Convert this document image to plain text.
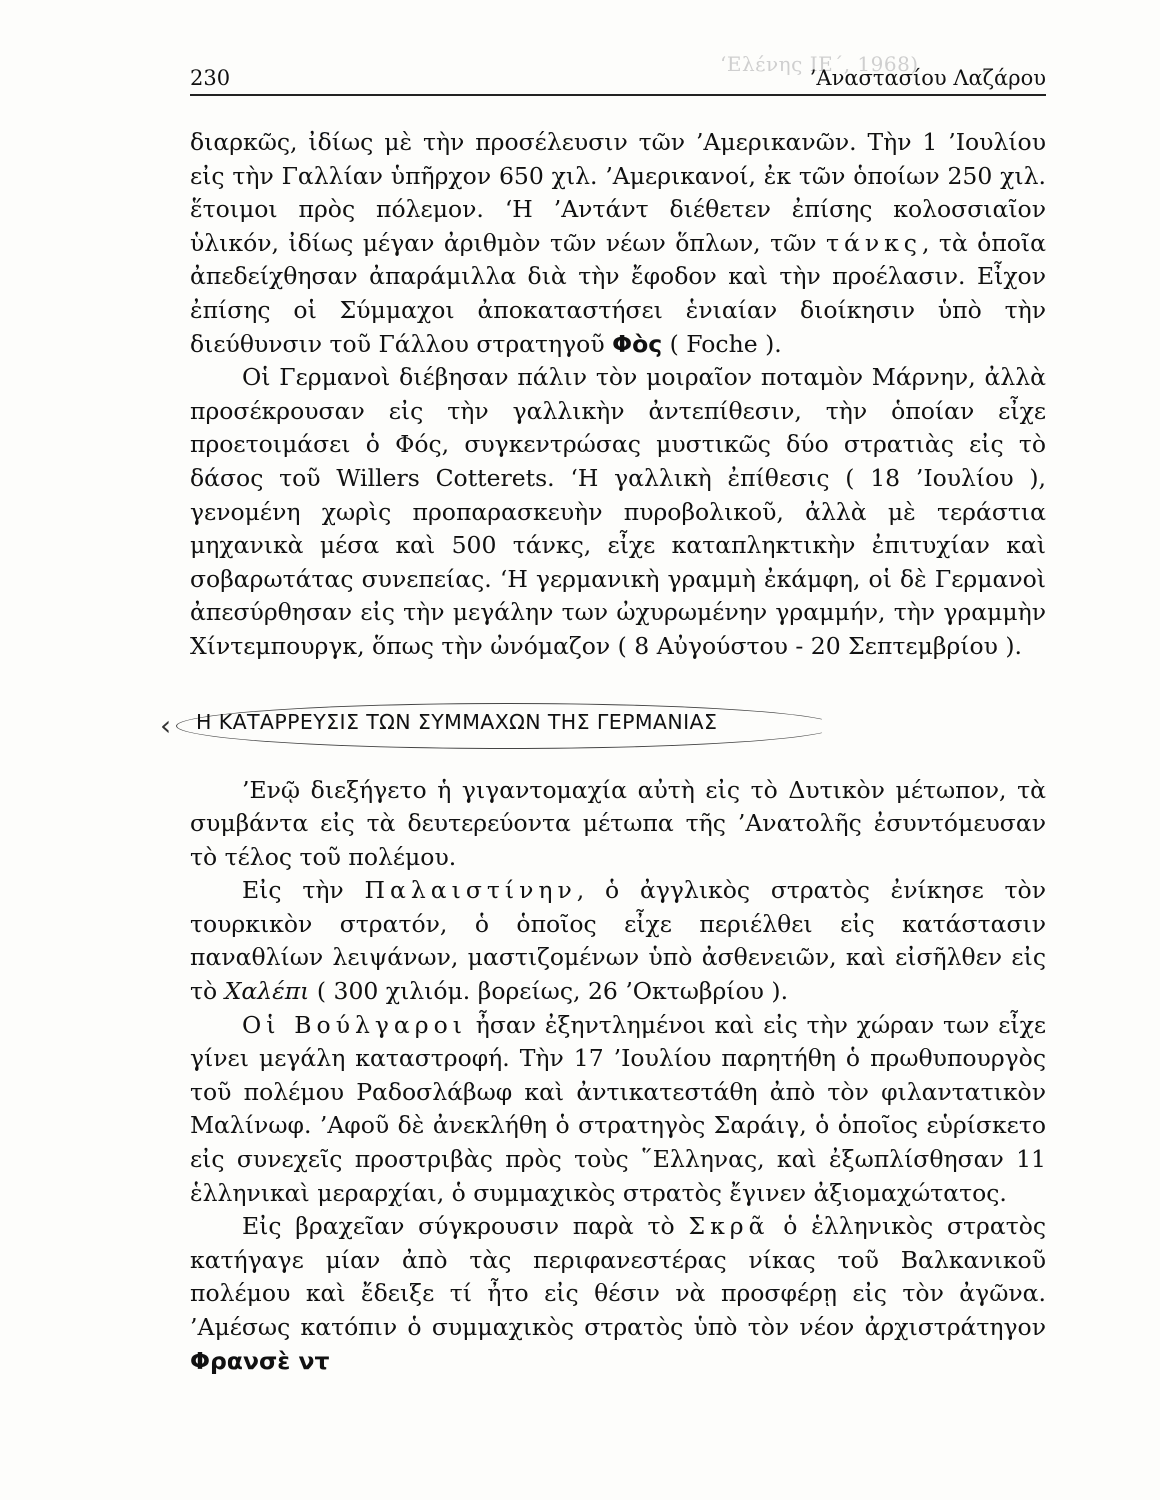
‘Ελένης ΙΕ΄, 1968)
230	’Αναστασίου Λαζάρου

διαρκῶς, ἰδίως μὲ τὴν προσέλευσιν τῶν ’Αμερικανῶν. Τὴν 1 ’Ιουλίου εἰς τὴν Γαλλίαν ὑπῆρχον 650 χιλ. ’Αμερικανοί, ἐκ τῶν ὁποίων 250 χιλ. ἕτοιμοι πρὸς πόλεμον. ‘Η ’Αντάντ διέθετεν ἐπίσης κολοσσιαῖον ὑλικόν, ἰδίως μέγαν ἀριθμὸν τῶν νέων ὅπλων, τῶν τάνκς, τὰ ὁποῖα ἀπεδείχθησαν ἀπαράμιλλα διὰ τὴν ἔφοδον καὶ τὴν προέλασιν. Εἶχον ἐπίσης οἱ Σύμμαχοι ἀποκαταστήσει ἑνιαίαν διοίκησιν ὑπὸ τὴν διεύθυνσιν τοῦ Γάλλου στρατηγοῦ Φὸς ( Foche ).

Οἱ Γερμανοὶ διέβησαν πάλιν τὸν μοιραῖον ποταμὸν Μάρνην, ἀλλὰ προσέκρουσαν εἰς τὴν γαλλικὴν ἀντεπίθεσιν, τὴν ὁποίαν εἶχε προετοιμάσει ὁ Φός, συγκεντρώσας μυστικῶς δύο στρατιὰς εἰς τὸ δάσος τοῦ Willers Cotterets. ‘Η γαλλικὴ ἐπίθεσις ( 18 ’Ιουλίου ), γενομένη χωρὶς προπαρασκευὴν πυροβολικοῦ, ἀλλὰ μὲ τεράστια μηχανικὰ μέσα καὶ 500 τάνκς, εἶχε καταπληκτικὴν ἐπιτυχίαν καὶ σοβαρωτάτας συνεπείας. ‘Η γερμανικὴ γραμμὴ ἐκάμφη, οἱ δὲ Γερμανοὶ ἀπεσύρθησαν εἰς τὴν μεγάλην των ὠχυρωμένην γραμμήν, τὴν γραμμὴν Χίντεμπουργκ, ὅπως τὴν ὠνόμαζον ( 8 Αὐγούστου - 20 Σεπτεμβρίου ).

‹ Η ΚΑΤΑΡΡΕΥΣΙΣ ΤΩΝ ΣΥΜΜΑΧΩΝ ΤΗΣ ΓΕΡΜΑΝΙΑΣ

’Ενῷ διεξήγετο ἡ γιγαντομαχία αὐτὴ εἰς τὸ Δυτικὸν μέτωπον, τὰ συμβάντα εἰς τὰ δευτερεύοντα μέτωπα τῆς ’Ανατολῆς ἐσυντόμευσαν τὸ τέλος τοῦ πολέμου.

Εἰς τὴν Παλαιστίνην, ὁ ἀγγλικὸς στρατὸς ἐνίκησε τὸν τουρκικὸν στρατόν, ὁ ὁποῖος εἶχε περιέλθει εἰς κατάστασιν παναθλίων λειψάνων, μαστιζομένων ὑπὸ ἀσθενειῶν, καὶ εἰσῆλθεν εἰς τὸ Χαλέπι ( 300 χιλιόμ. βορείως, 26 ’Οκτωβρίου ).

Οἱ Βούλγαροι ἦσαν ἐξηντλημένοι καὶ εἰς τὴν χώραν των εἶχε γίνει μεγάλη καταστροφή. Τὴν 17 ’Ιουλίου παρητήθη ὁ πρωθυπουργὸς τοῦ πολέμου Ραδοσλάβωφ καὶ ἀντικατεστάθη ἀπὸ τὸν φιλαντατικὸν Μαλίνωφ. ’Αφοῦ δὲ ἀνεκλήθη ὁ στρατηγὸς Σαράιγ, ὁ ὁποῖος εὑρίσκετο εἰς συνεχεῖς προστριβὰς πρὸς τοὺς ῞Ελληνας, καὶ ἐξωπλίσθησαν 11 ἑλληνικαὶ μεραρχίαι, ὁ συμμαχικὸς στρατὸς ἔγινεν ἀξιομαχώτατος.

Εἰς βραχεῖαν σύγκρουσιν παρὰ τὸ Σκρᾶ ὁ ἑλληνικὸς στρατὸς κατήγαγε μίαν ἀπὸ τὰς περιφανεστέρας νίκας τοῦ Βαλκανικοῦ πολέμου καὶ ἔδειξε τί ἦτο εἰς θέσιν νὰ προσφέρῃ εἰς τὸν ἀγῶνα. ’Αμέσως κατόπιν ὁ συμμαχικὸς στρατὸς ὑπὸ τὸν νέον ἀρχιστράτηγον Φρανσὲ ντ
